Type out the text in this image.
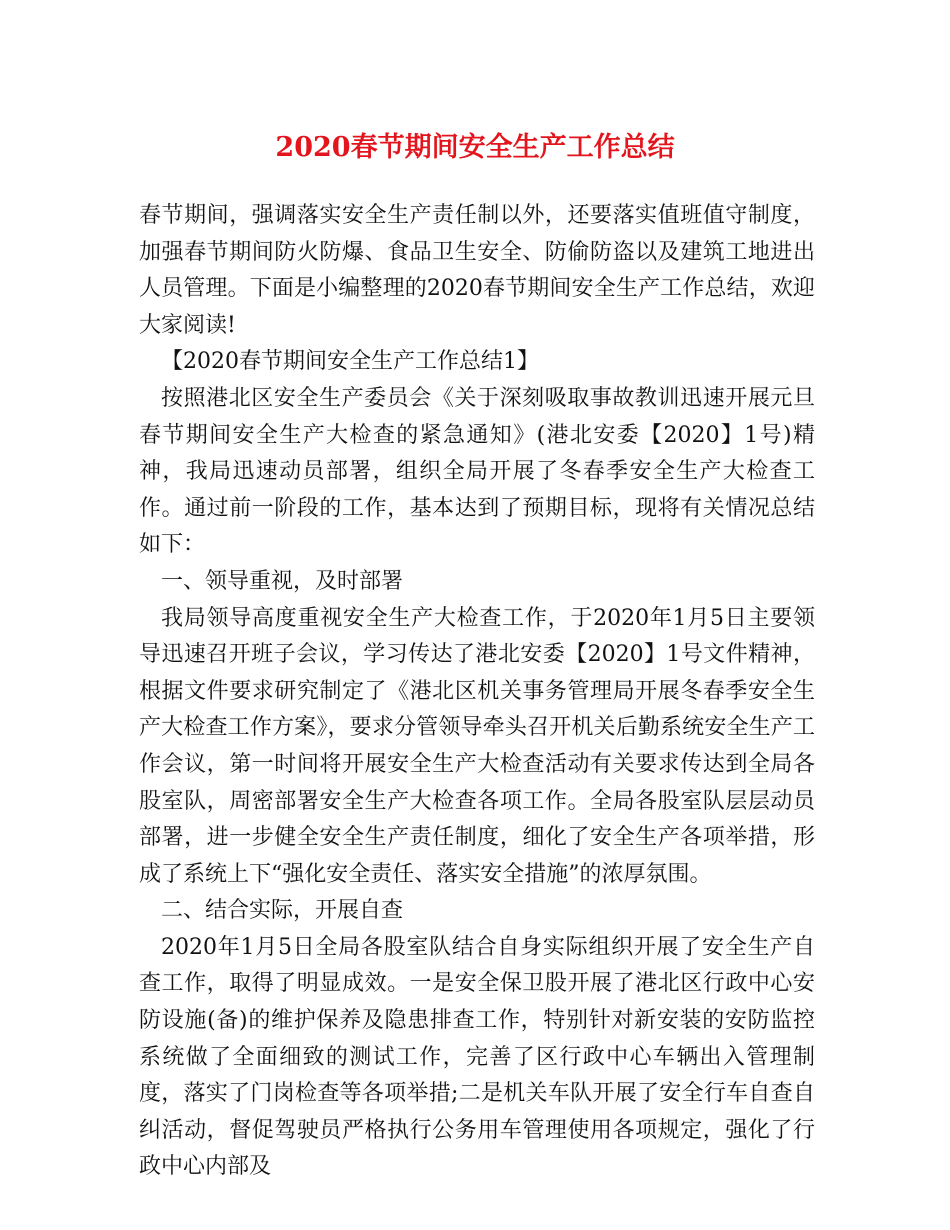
2020春节期间安全生产工作总结

春节期间，强调落实安全生产责任制以外，还要落实值班值守制度，加强春节期间防火防爆、食品卫生安全、防偷防盗以及建筑工地进出人员管理。下面是小编整理的2020春节期间安全生产工作总结，欢迎大家阅读!

【2020春节期间安全生产工作总结1】

按照港北区安全生产委员会《关于深刻吸取事故教训迅速开展元旦春节期间安全生产大检查的紧急通知》(港北安委【2020】1号)精神，我局迅速动员部署，组织全局开展了冬春季安全生产大检查工作。通过前一阶段的工作，基本达到了预期目标，现将有关情况总结如下：

一、领导重视，及时部署

我局领导高度重视安全生产大检查工作，于2020年1月5日主要领导迅速召开班子会议，学习传达了港北安委【2020】1号文件精神，根据文件要求研究制定了《港北区机关事务管理局开展冬春季安全生产大检查工作方案》，要求分管领导牵头召开机关后勤系统安全生产工作会议，第一时间将开展安全生产大检查活动有关要求传达到全局各股室队，周密部署安全生产大检查各项工作。全局各股室队层层动员部署，进一步健全安全生产责任制度，细化了安全生产各项举措，形成了系统上下“强化安全责任、落实安全措施”的浓厚氛围。

二、结合实际，开展自查

2020年1月5日全局各股室队结合自身实际组织开展了安全生产自查工作，取得了明显成效。一是安全保卫股开展了港北区行政中心安防设施(备)的维护保养及隐患排查工作，特别针对新安装的安防监控系统做了全面细致的测试工作，完善了区行政中心车辆出入管理制度，落实了门岗检查等各项举措;二是机关车队开展了安全行车自查自纠活动，督促驾驶员严格执行公务用车管理使用各项规定，强化了行政中心内部及
